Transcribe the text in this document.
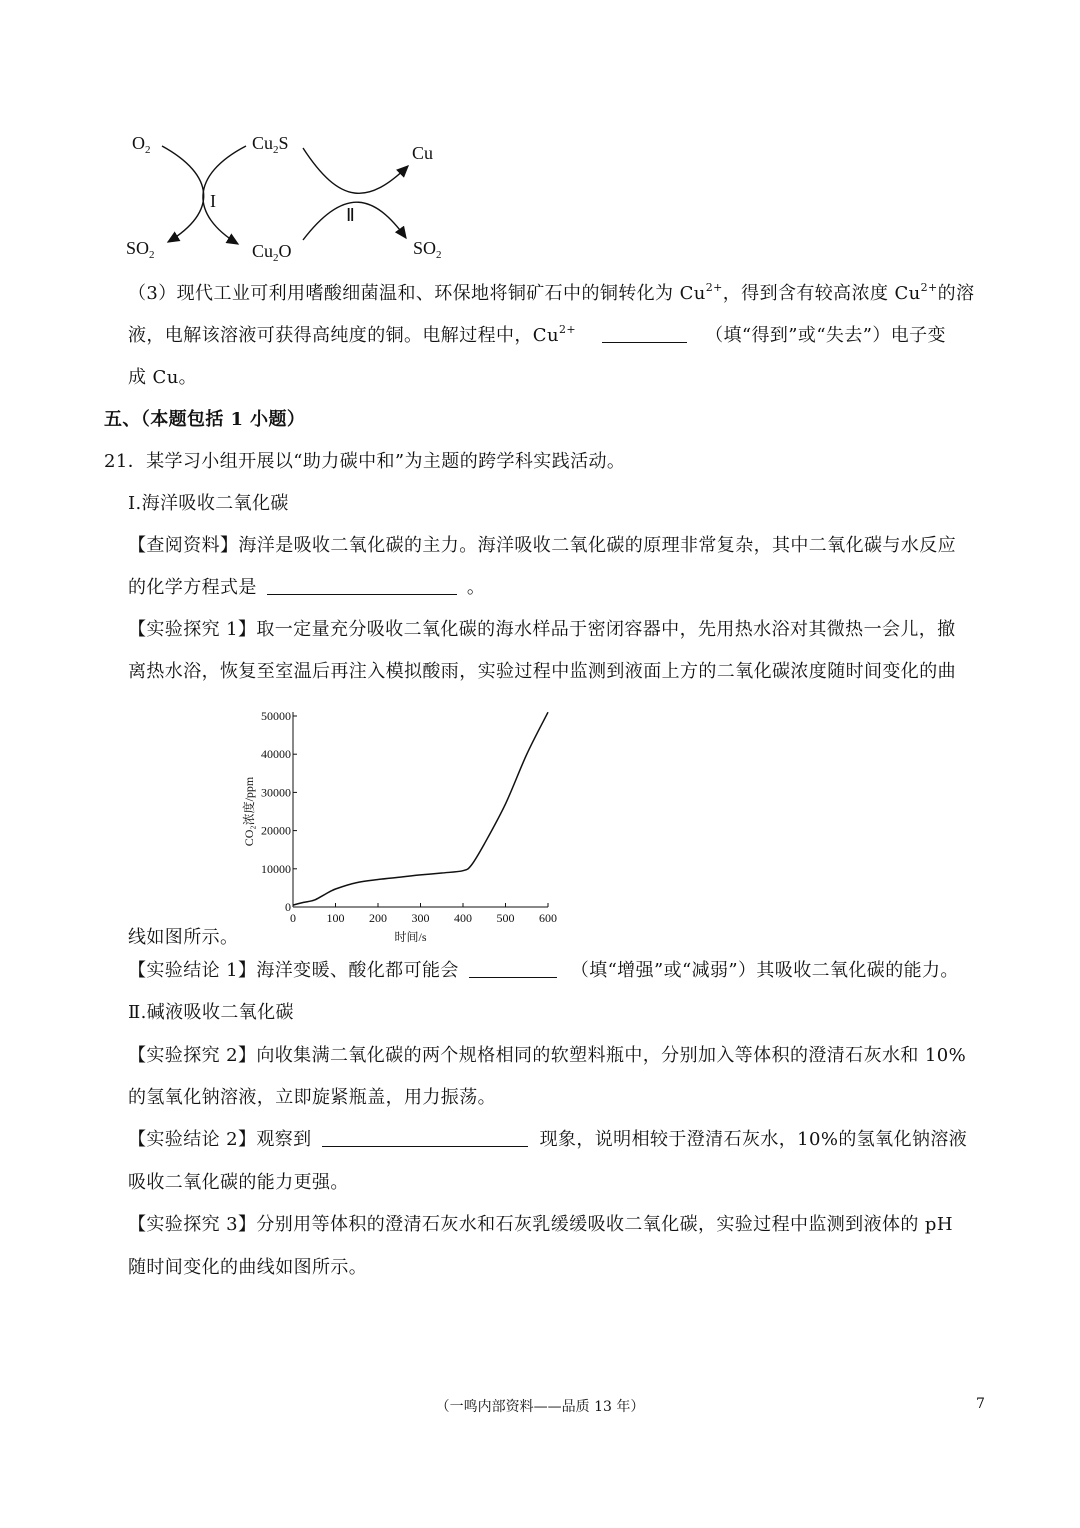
$O_2$	$Cu_2S$
$SO_2$	$Cu_2O$
Cu
$SO_2$
I
Ⅱ
（3）现代工业可利用嗜酸细菌温和、环保地将铜矿石中的铜转化为 $Cu^{2+}$，得到含有较高浓度 $Cu^{2+}$的溶
液，电解该溶液可获得高纯度的铜。电解过程中，$Cu^{2+}$	（填“得到”或“失去”）电子变
成 Cu。
五、（本题包括 1 小题）
21．某学习小组开展以“助力碳中和”为主题的跨学科实践活动。
Ⅰ.海洋吸收二氧化碳
【查阅资料】海洋是吸收二氧化碳的主力。海洋吸收二氧化碳的原理非常复杂，其中二氧化碳与水反应
的化学方程式是	。
【实验探究 1】取一定量充分吸收二氧化碳的海水样品于密闭容器中，先用热水浴对其微热一会儿，撤
离热水浴，恢复至室温后再注入模拟酸雨，实验过程中监测到液面上方的二氧化碳浓度随时间变化的曲
0	100 200 300 400 500 600
0
10000
20000
30000
40000
50000
CO₂浓度/ppm
时间/s
线如图所示。
【实验结论 1】海洋变暖、酸化都可能会	（填“增强”或“减弱”）其吸收二氧化碳的能力。
Ⅱ.碱液吸收二氧化碳
【实验探究 2】向收集满二氧化碳的两个规格相同的软塑料瓶中，分别加入等体积的澄清石灰水和 10%
的氢氧化钠溶液，立即旋紧瓶盖，用力振荡。
【实验结论 2】观察到	现象，说明相较于澄清石灰水，10%的氢氧化钠溶液
吸收二氧化碳的能力更强。
【实验探究 3】分别用等体积的澄清石灰水和石灰乳缓缓吸收二氧化碳，实验过程中监测到液体的 pH
随时间变化的曲线如图所示。
（一鸣内部资料——品质 13 年）	7
